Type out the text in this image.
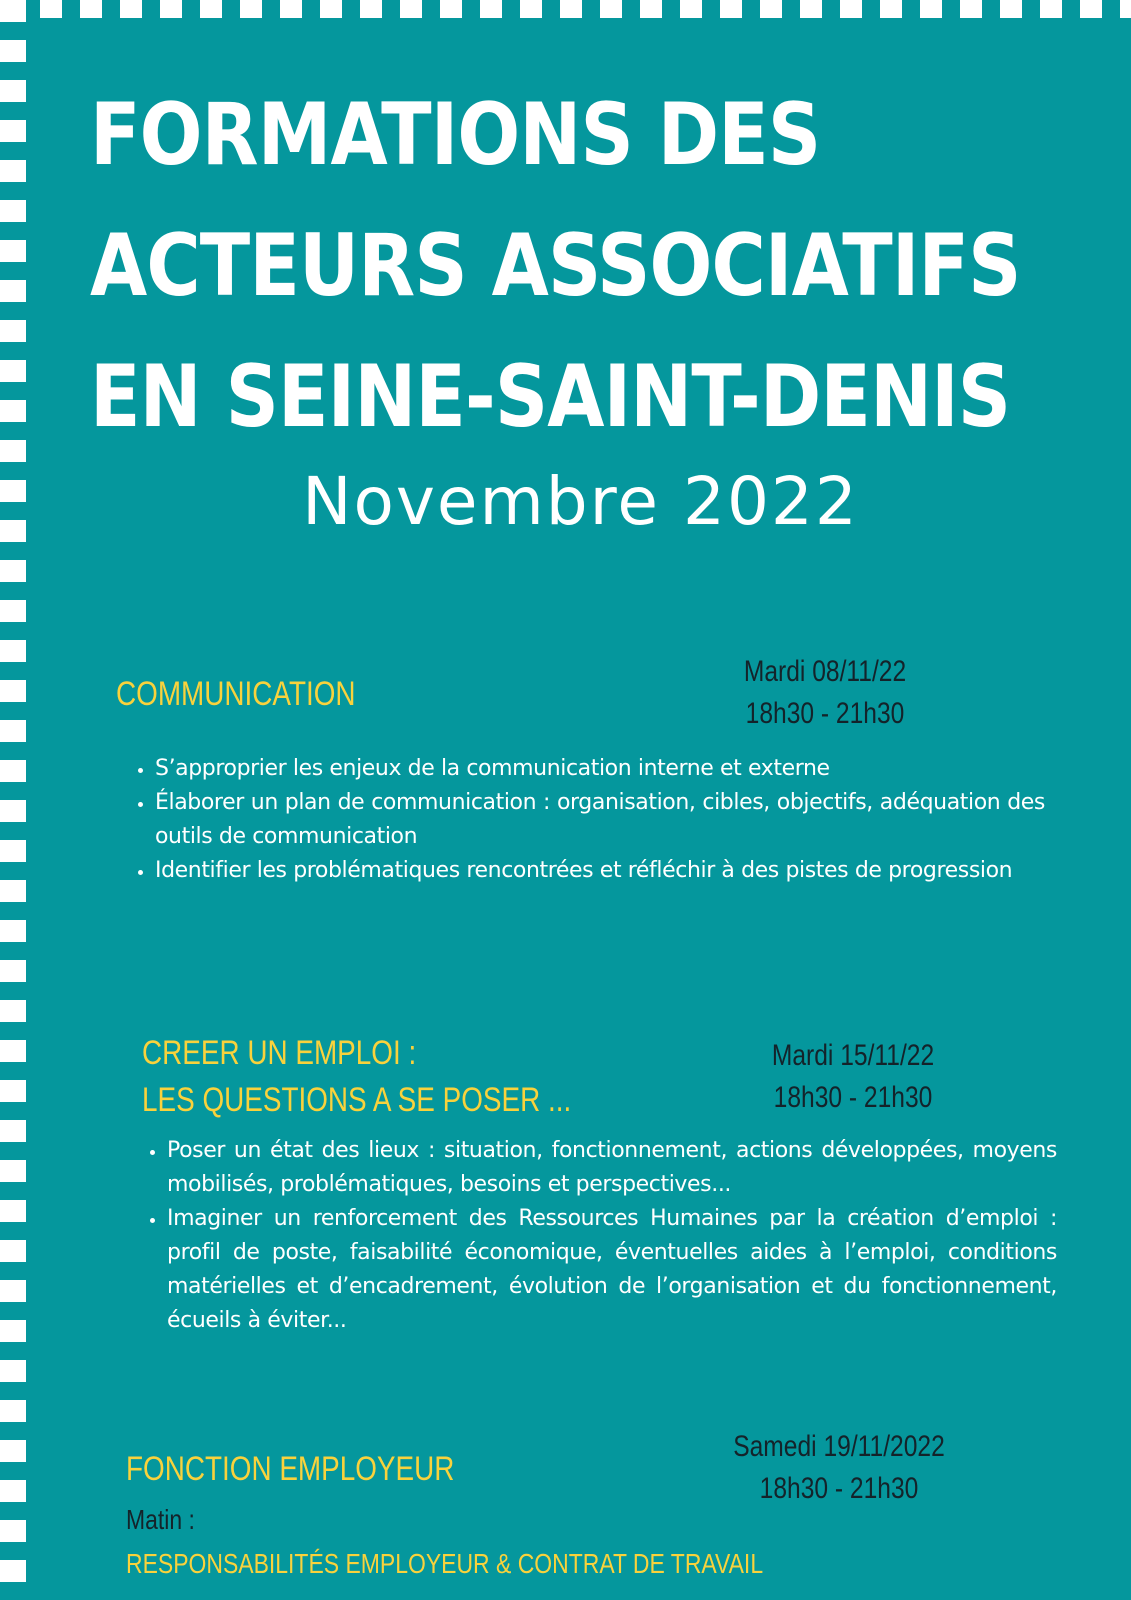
FORMATIONS DES
ACTEURS ASSOCIATIFS
EN SEINE-SAINT-DENIS
Novembre 2022
COMMUNICATION
Mardi 08/11/22
18h30 - 21h30
• S’approprier les enjeux de la communication interne et externe
• Élaborer un plan de communication : organisation, cibles, objectifs, adéquation des outils de communication
• Identifier les problématiques rencontrées et réfléchir à des pistes de progression
CREER UN EMPLOI :
LES QUESTIONS A SE POSER ...
Mardi 15/11/22
18h30 - 21h30
• Poser un état des lieux : situation, fonctionnement, actions développées, moyens mobilisés, problématiques, besoins et perspectives...
• Imaginer un renforcement des Ressources Humaines par la création d’emploi : profil de poste, faisabilité économique, éventuelles aides à l’emploi, conditions matérielles et d’encadrement, évolution de l’organisation et du fonctionnement, écueils à éviter...
FONCTION EMPLOYEUR
Samedi 19/11/2022
18h30 - 21h30
Matin :
RESPONSABILITÉS EMPLOYEUR & CONTRAT DE TRAVAIL
